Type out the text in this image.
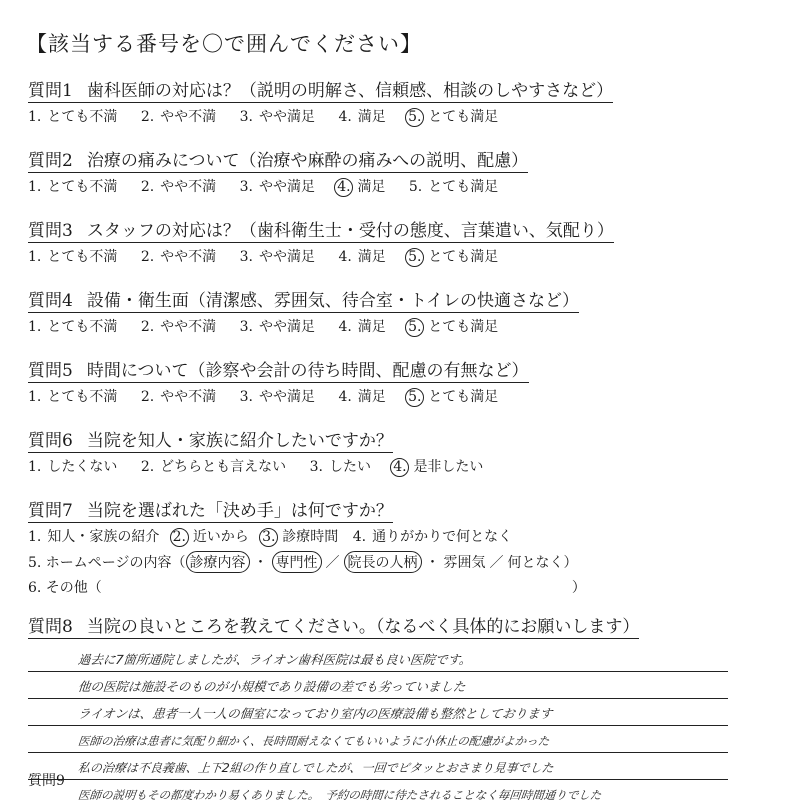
【該当する番号を〇で囲んでください】
質問1 歯科医師の対応は？（説明の明解さ、信頼感、相談のしやすさなど）
1. とても不満 2. やや不満 3. やや満足 4. 満足 5. とても満足
質問2 治療の痛みについて（治療や麻酔の痛みへの説明、配慮）
1. とても不満 2. やや不満 3. やや満足 4. 満足 5. とても満足
質問3 スタッフの対応は？（歯科衛生士・受付の態度、言葉遣い、気配り）
1. とても不満 2. やや不満 3. やや満足 4. 満足 5. とても満足
質問4 設備・衛生面（清潔感、雰囲気、待合室・トイレの快適さなど）
1. とても不満 2. やや不満 3. やや満足 4. 満足 5. とても満足
質問5 時間について（診察や会計の待ち時間、配慮の有無など）
1. とても不満 2. やや不満 3. やや満足 4. 満足 5. とても満足
質問6 当院を知人・家族に紹介したいですか？
1. したくない 2. どちらとも言えない 3. したい 4. 是非したい
質問7 当院を選ばれた「決め手」は何ですか？
1. 知人・家族の紹介 2. 近いから 3. 診療時間 4. 通りがかりで何となく
5. ホームページの内容（ 診療内容 ・ 専門性 ／ 院長の人柄 ・ 雰囲気 ／ 何となく）
6. その他（	）
質問8 当院の良いところを教えてください。（なるべく具体的にお願いします）
過去に7箇所通院しましたが、ライオン歯科医院は最も良い医院です。
他の医院は施設そのものが小規模であり設備の差でも劣っていました
ライオンは、患者一人一人の個室になっており室内の医療設備も整然としております
医師の治療は患者に気配り細かく、長時間耐えなくてもいいように小休止の配慮がよかった
私の治療は不良義歯、上下2組の作り直しでしたが、一回でピタッとおさまり見事でした
医師の説明もその都度わかり易くありました。　予約の時間に待たされることなく毎回時間通りでした
質問9
